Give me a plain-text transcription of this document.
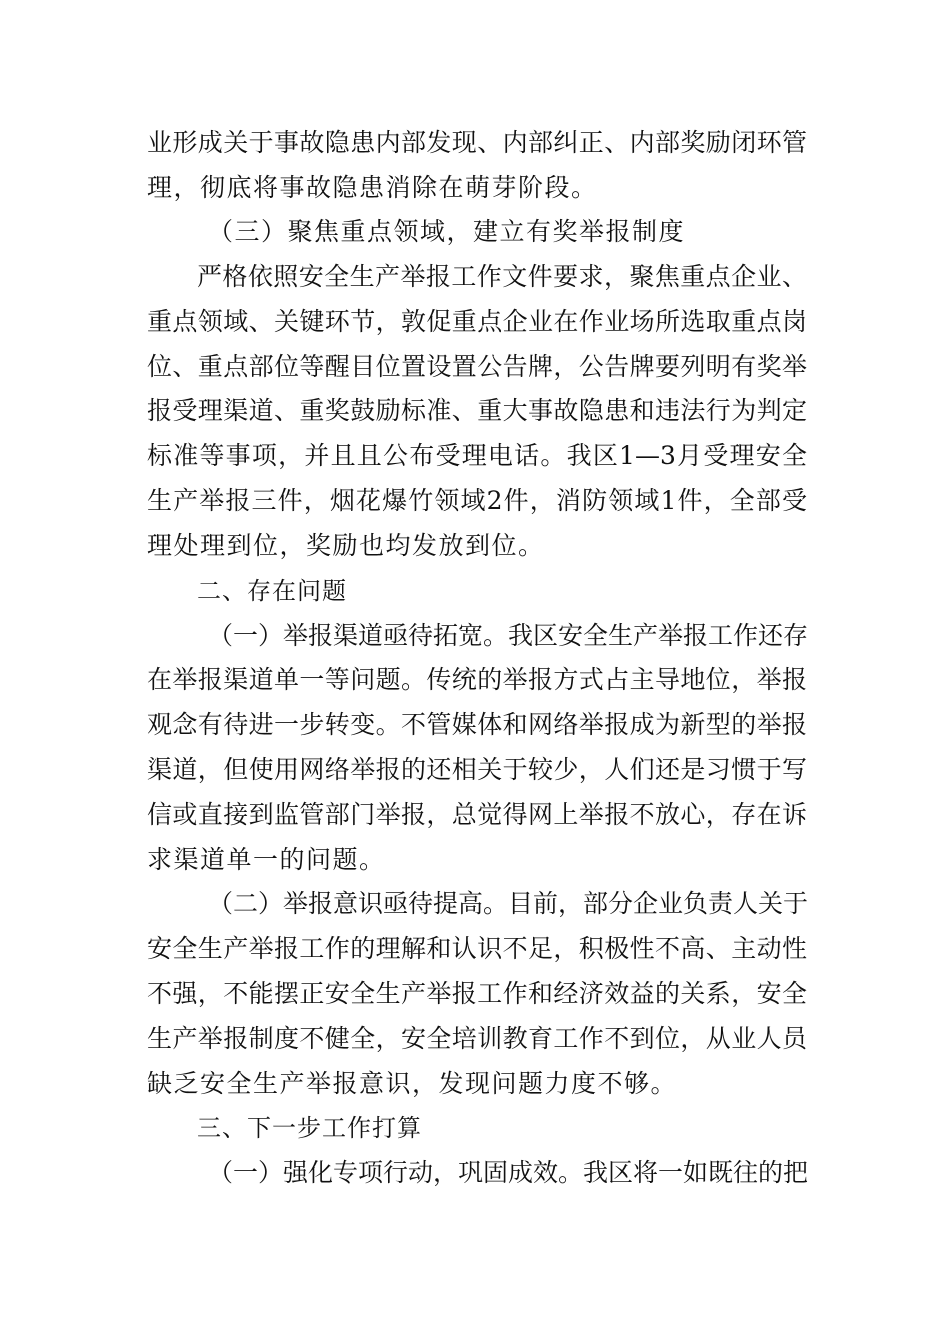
业形成关于事故隐患内部发现、内部纠正、内部奖励闭环管
理，彻底将事故隐患消除在萌芽阶段。
（三）聚焦重点领域，建立有奖举报制度
严格依照安全生产举报工作文件要求，聚焦重点企业、
重点领域、关键环节，敦促重点企业在作业场所选取重点岗
位、重点部位等醒目位置设置公告牌，公告牌要列明有奖举
报受理渠道、重奖鼓励标准、重大事故隐患和违法行为判定
标准等事项，并且且公布受理电话。我区1—3月受理安全
生产举报三件，烟花爆竹领域2件，消防领域1件，全部受
理处理到位，奖励也均发放到位。
二、存在问题
（一）举报渠道亟待拓宽。我区安全生产举报工作还存
在举报渠道单一等问题。传统的举报方式占主导地位，举报
观念有待进一步转变。不管媒体和网络举报成为新型的举报
渠道，但使用网络举报的还相关于较少，人们还是习惯于写
信或直接到监管部门举报，总觉得网上举报不放心，存在诉
求渠道单一的问题。
（二）举报意识亟待提高。目前，部分企业负责人关于
安全生产举报工作的理解和认识不足，积极性不高、主动性
不强，不能摆正安全生产举报工作和经济效益的关系，安全
生产举报制度不健全，安全培训教育工作不到位，从业人员
缺乏安全生产举报意识，发现问题力度不够。
三、下一步工作打算
（一）强化专项行动，巩固成效。我区将一如既往的把
